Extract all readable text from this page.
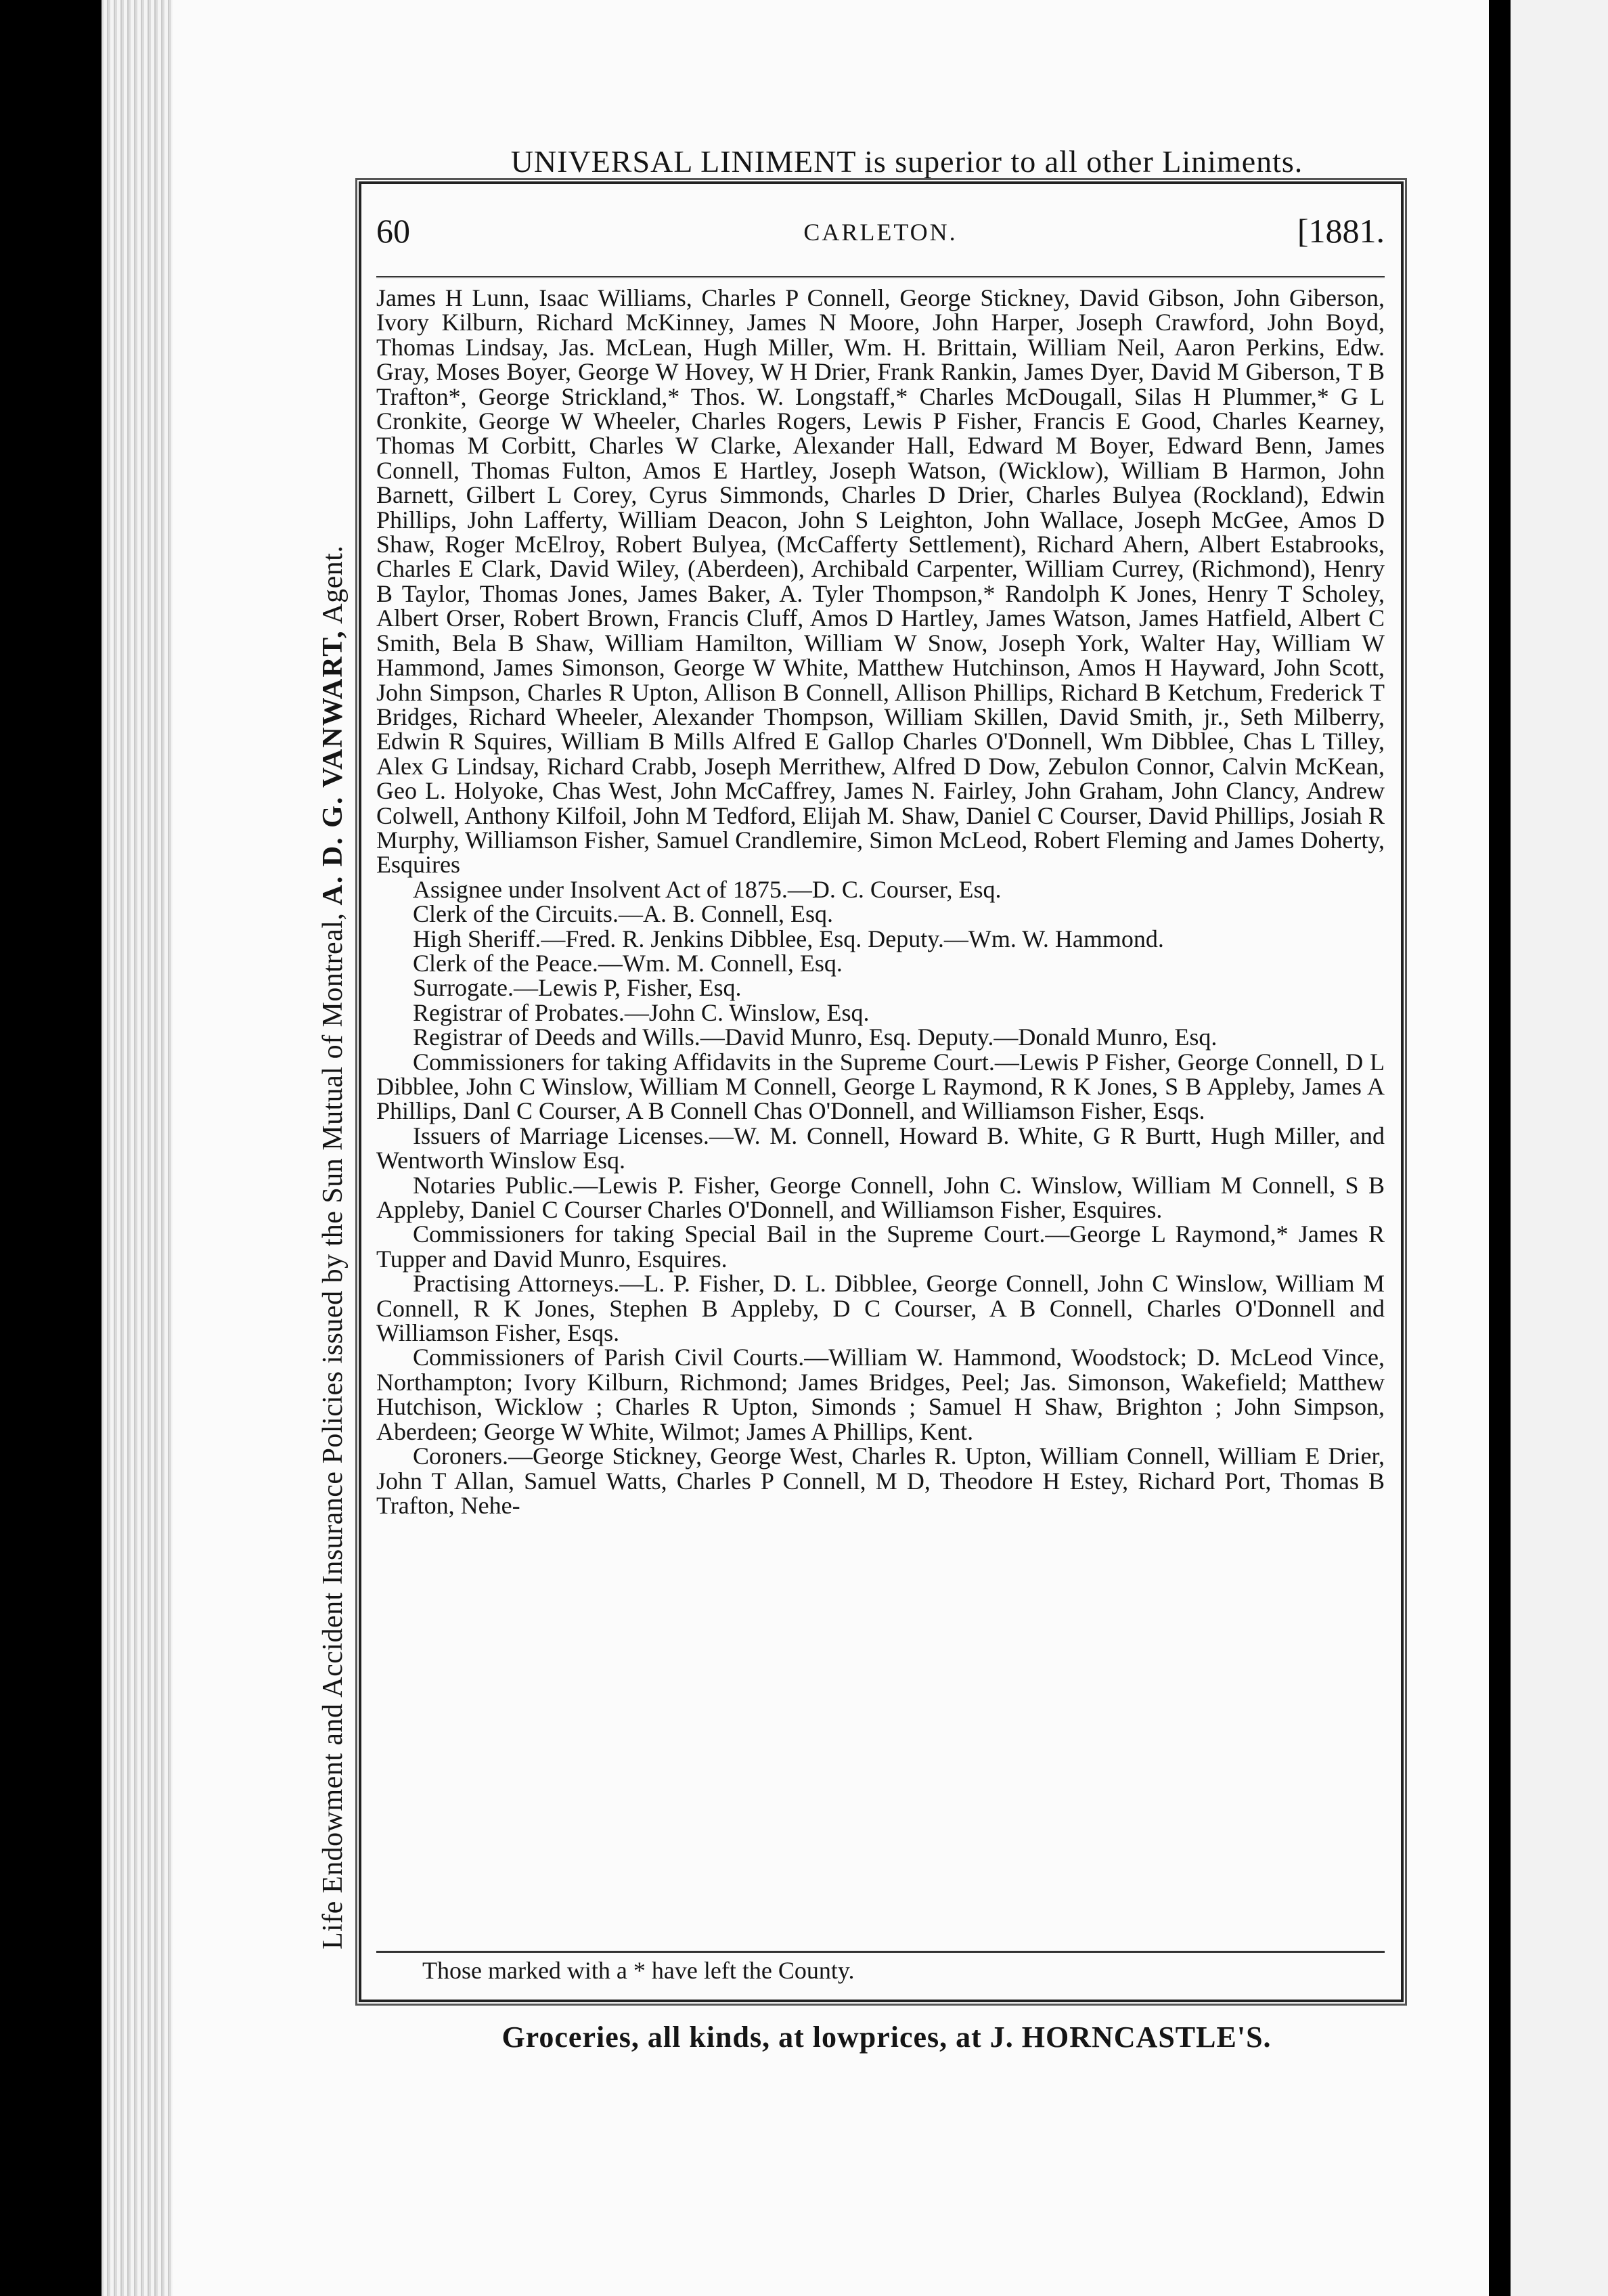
UNIVERSAL LINIMENT is superior to all other Liniments.
Life Endowment and Accident Insurance Policies issued by the Sun Mutual of Montreal, A. D. G. VANWART, Agent.
60	CARLETON.	[1881.

James H Lunn, Isaac Williams, Charles P Connell, George Stickney, David Gibson, John Giberson, Ivory Kilburn, Richard McKinney, James N Moore, John Harper, Joseph Crawford, John Boyd, Thomas Lindsay, Jas. McLean, Hugh Miller, Wm. H. Brittain, William Neil, Aaron Perkins, Edw. Gray, Moses Boyer, George W Hovey, W H Drier, Frank Rankin, James Dyer, David M Giberson, T B Trafton*, George Strickland,* Thos. W. Longstaff,* Charles McDougall, Silas H Plummer,* G L Cronkite, George W Wheeler, Charles Rogers, Lewis P Fisher, Francis E Good, Charles Kearney, Thomas M Corbitt, Charles W Clarke, Alexander Hall, Edward M Boyer, Edward Benn, James Connell, Thomas Fulton, Amos E Hartley, Joseph Watson, (Wicklow), William B Harmon, John Barnett, Gilbert L Corey, Cyrus Simmonds, Charles D Drier, Charles Bulyea (Rockland), Edwin Phillips, John Lafferty, William Deacon, John S Leighton, John Wallace, Joseph McGee, Amos D Shaw, Roger McElroy, Robert Bulyea, (McCafferty Settlement), Richard Ahern, Albert Estabrooks, Charles E Clark, David Wiley, (Aberdeen), Archibald Carpenter, William Currey, (Richmond), Henry B Taylor, Thomas Jones, James Baker, A. Tyler Thompson,* Randolph K Jones, Henry T Scholey, Albert Orser, Robert Brown, Francis Cluff, Amos D Hartley, James Watson, James Hatfield, Albert C Smith, Bela B Shaw, William Hamilton, William W Snow, Joseph York, Walter Hay, William W Hammond, James Simonson, George W White, Matthew Hutchinson, Amos H Hayward, John Scott, John Simpson, Charles R Upton, Allison B Connell, Allison Phillips, Richard B Ketchum, Frederick T Bridges, Richard Wheeler, Alexander Thompson, William Skillen, David Smith, jr., Seth Milberry, Edwin R Squires, William B Mills Alfred E Gallop Charles O'Donnell, Wm Dibblee, Chas L Tilley, Alex G Lindsay, Richard Crabb, Joseph Merrithew, Alfred D Dow, Zebulon Connor, Calvin McKean, Geo L. Holyoke, Chas West, John McCaffrey, James N. Fairley, John Graham, John Clancy, Andrew Colwell, Anthony Kilfoil, John M Tedford, Elijah M. Shaw, Daniel C Courser, David Phillips, Josiah R Murphy, Williamson Fisher, Samuel Crandlemire, Simon McLeod, Robert Fleming and James Doherty, Esquires

Assignee under Insolvent Act of 1875.—D. C. Courser, Esq.

Clerk of the Circuits.—A. B. Connell, Esq.

High Sheriff.—Fred. R. Jenkins Dibblee, Esq. Deputy.—Wm. W. Hammond.

Clerk of the Peace.—Wm. M. Connell, Esq.

Surrogate.—Lewis P, Fisher, Esq.

Registrar of Probates.—John C. Winslow, Esq.

Registrar of Deeds and Wills.—David Munro, Esq. Deputy.—Donald Munro, Esq.

Commissioners for taking Affidavits in the Supreme Court.—Lewis P Fisher, George Connell, D L Dibblee, John C Winslow, William M Connell, George L Raymond, R K Jones, S B Appleby, James A Phillips, Danl C Courser, A B Connell Chas O'Donnell, and Williamson Fisher, Esqs.

Issuers of Marriage Licenses.—W. M. Connell, Howard B. White, G R Burtt, Hugh Miller, and Wentworth Winslow Esq.

Notaries Public.—Lewis P. Fisher, George Connell, John C. Winslow, William M Connell, S B Appleby, Daniel C Courser Charles O'Donnell, and Williamson Fisher, Esquires.

Commissioners for taking Special Bail in the Supreme Court.—George L Raymond,* James R Tupper and David Munro, Esquires.

Practising Attorneys.—L. P. Fisher, D. L. Dibblee, George Connell, John C Winslow, William M Connell, R K Jones, Stephen B Appleby, D C Courser, A B Connell, Charles O'Donnell and Williamson Fisher, Esqs.

Commissioners of Parish Civil Courts.—William W. Hammond, Woodstock; D. McLeod Vince, Northampton; Ivory Kilburn, Richmond; James Bridges, Peel; Jas. Simonson, Wakefield; Matthew Hutchison, Wicklow ; Charles R Upton, Simonds ; Samuel H Shaw, Brighton ; John Simpson, Aberdeen; George W White, Wilmot; James A Phillips, Kent.

Coroners.—George Stickney, George West, Charles R. Upton, William Connell, William E Drier, John T Allan, Samuel Watts, Charles P Connell, M D, Theodore H Estey, Richard Port, Thomas B Trafton, Nehe-

Those marked with a * have left the County.
Groceries, all kinds, at lowprices, at J. HORNCASTLE'S.
